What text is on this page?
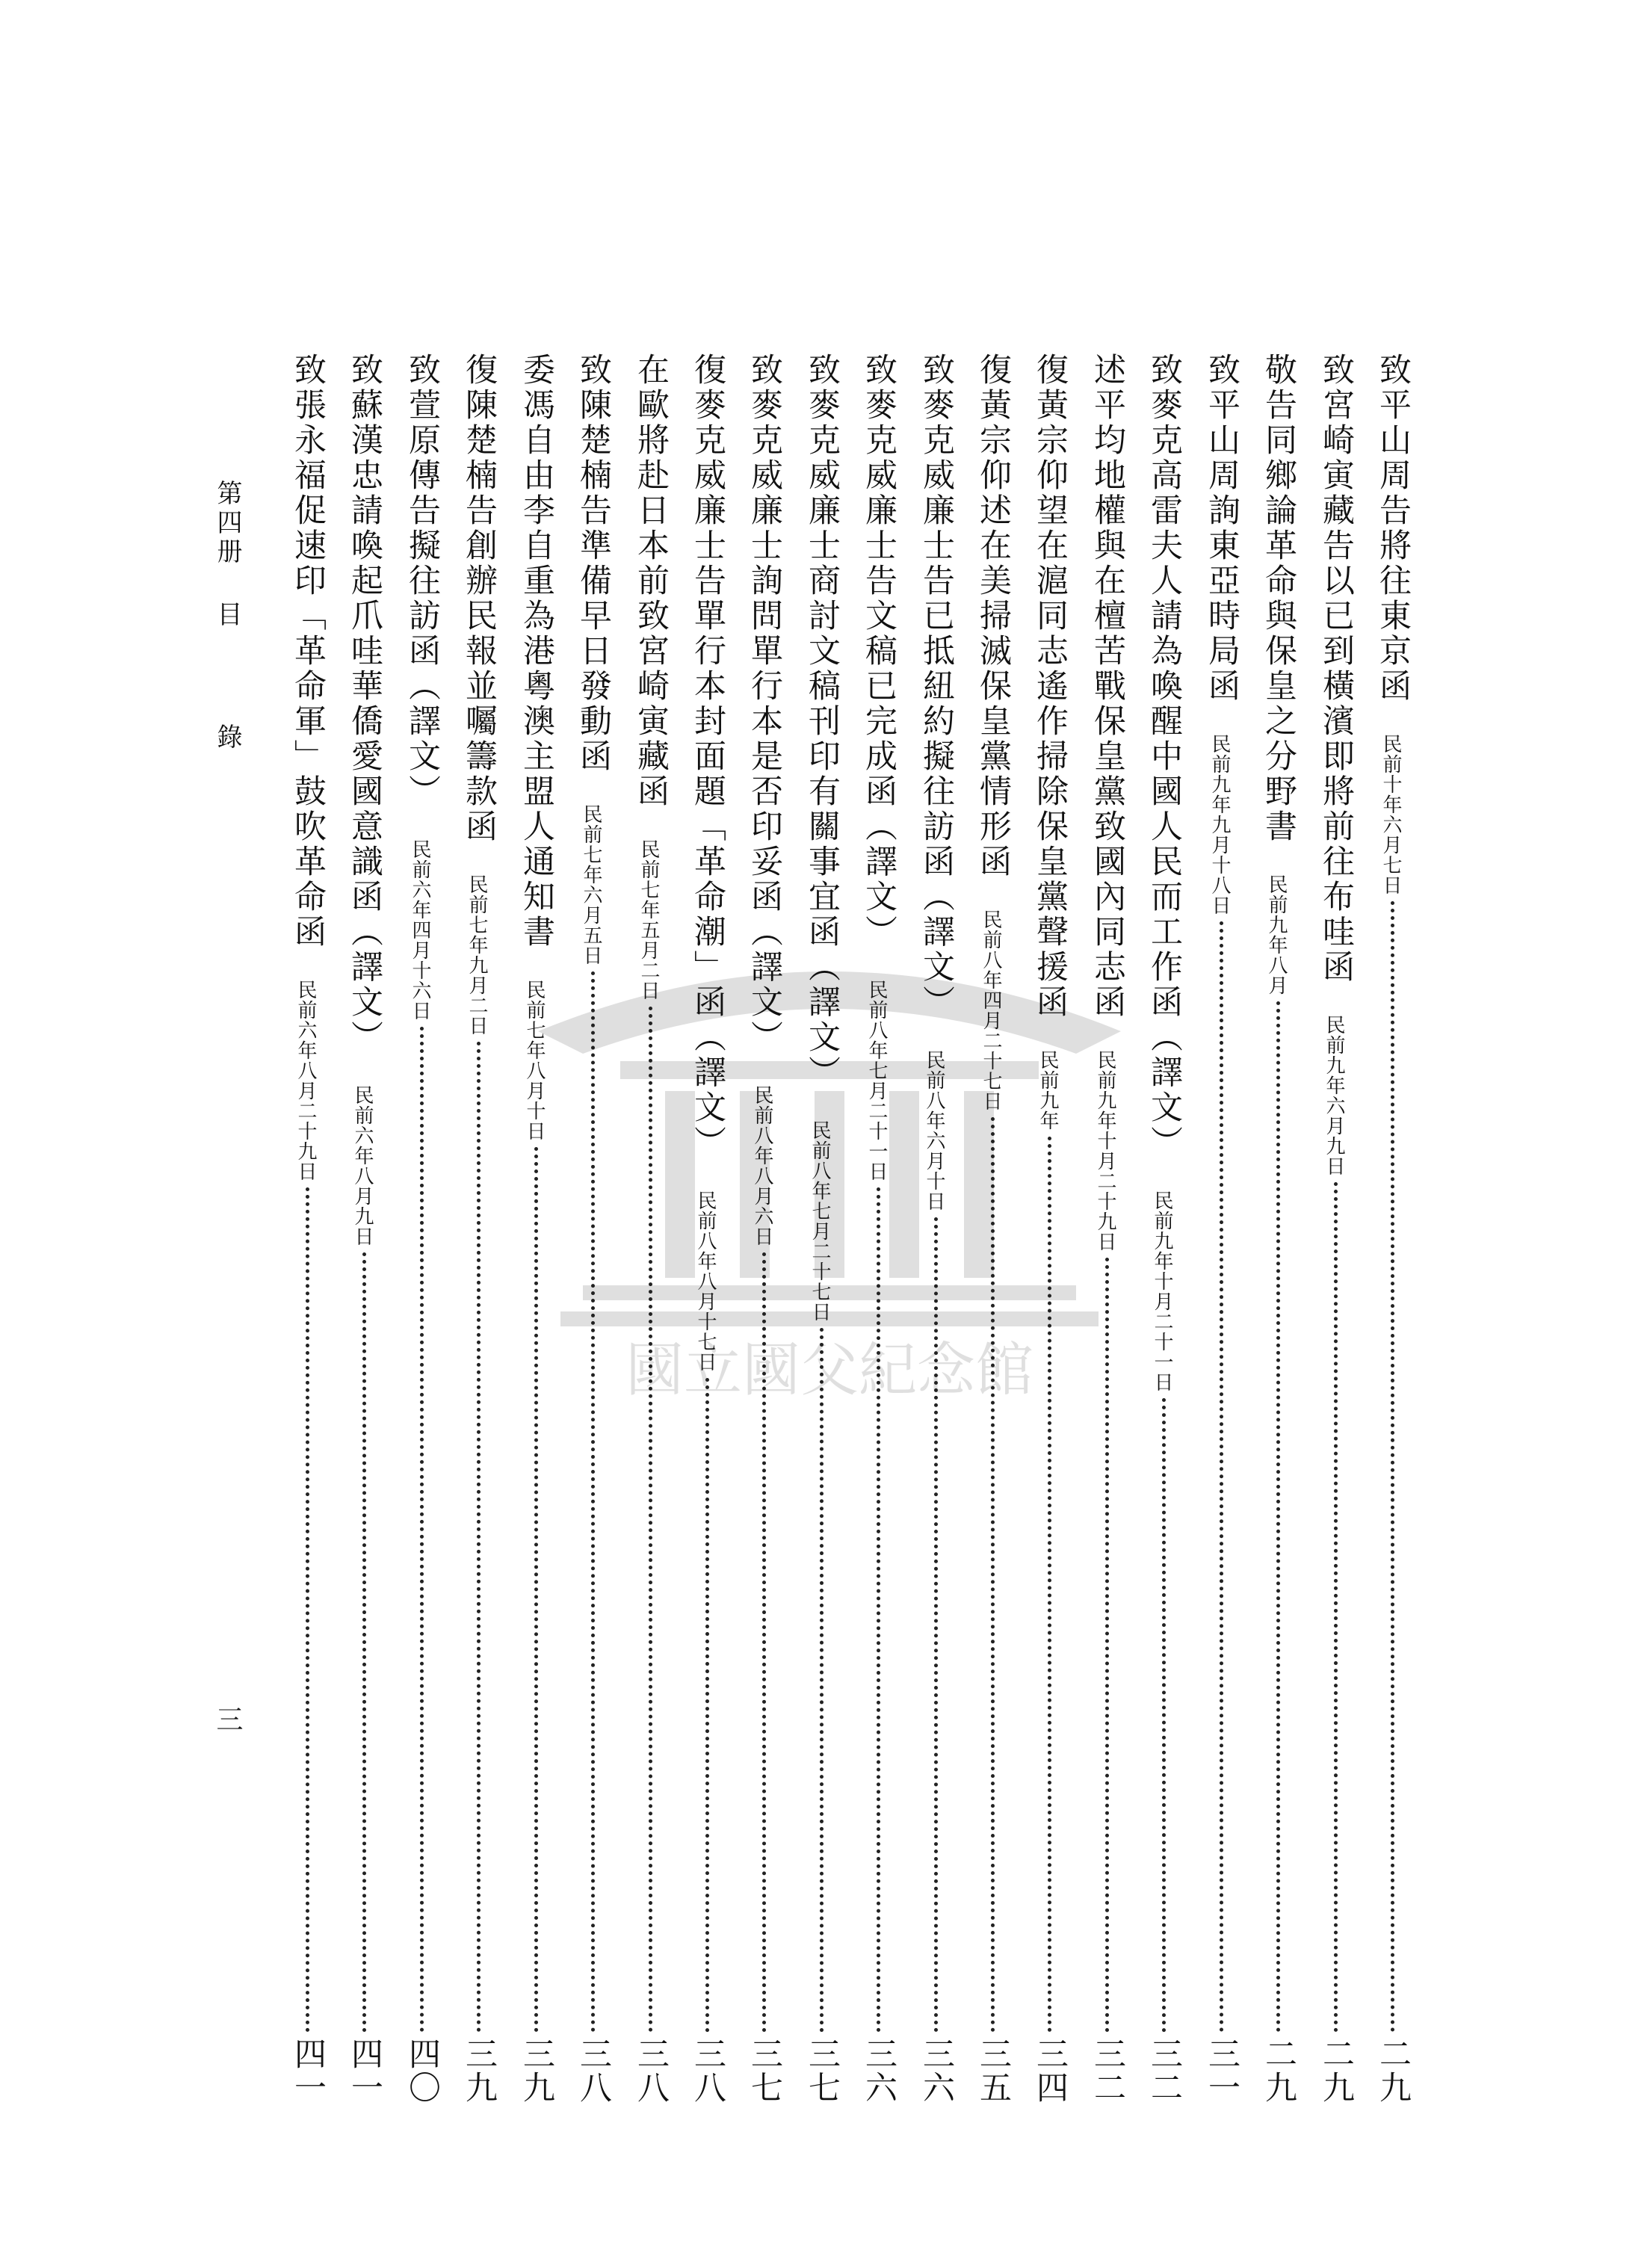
國立國父紀念館
第四册
目　錄
三
致平山周告將往東京函
民前十年六月七日
二九
致宮崎寅藏告以已到橫濱即將前往布哇函
民前九年六月九日
二九
敬告同鄉論革命與保皇之分野書
民前九年八月
二九
致平山周詢東亞時局函
民前九年九月十八日
三一
致麥克高雷夫人請為喚醒中國人民而工作函（譯文）
民前九年十月二十一日
三二
述平均地權與在檀苦戰保皇黨致國內同志函
民前九年十月二十九日
三二
復黃宗仰望在滬同志遙作掃除保皇黨聲援函
民前九年
三四
復黃宗仰述在美掃滅保皇黨情形函
民前八年四月二十七日
三五
致麥克威廉士告已抵紐約擬往訪函（譯文）
民前八年六月十日
三六
致麥克威廉士告文稿已完成函（譯文）
民前八年七月二十一日
三六
致麥克威廉士商討文稿刊印有關事宜函（譯文）
民前八年七月二十七日
三七
致麥克威廉士詢問單行本是否印妥函（譯文）
民前八年八月六日
三七
復麥克威廉士告單行本封面題「革命潮」函（譯文）
民前八年八月十七日
三八
在歐將赴日本前致宮崎寅藏函
民前七年五月二日
三八
致陳楚楠告準備早日發動函
民前七年六月五日
三八
委馮自由李自重為港粵澳主盟人通知書
民前七年八月十日
三九
復陳楚楠告創辦民報並囑籌款函
民前七年九月二日
三九
致萱原傳告擬往訪函（譯文）
民前六年四月十六日
四〇
致蘇漢忠請喚起爪哇華僑愛國意識函（譯文）
民前六年八月九日
四一
致張永福促速印「革命軍」鼓吹革命函
民前六年八月二十九日
四一
